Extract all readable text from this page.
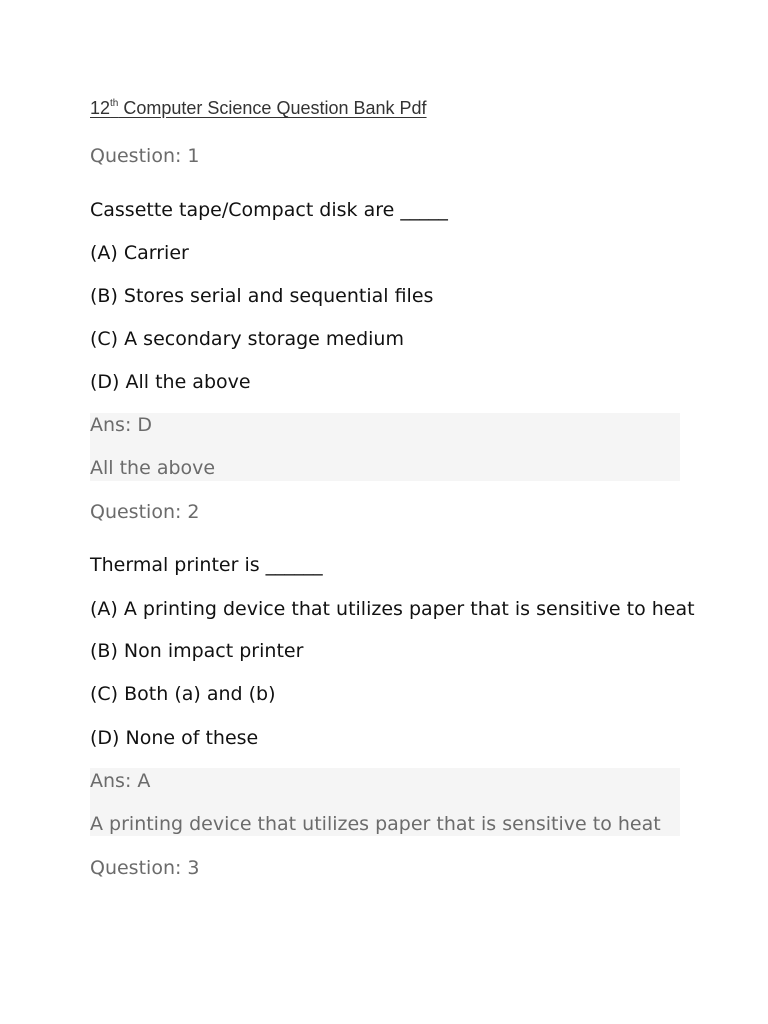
12th Computer Science Question Bank Pdf
Question: 1
Cassette tape/Compact disk are _____
(A) Carrier
(B) Stores serial and sequential files
(C) A secondary storage medium
(D) All the above
Ans: D
All the above
Question: 2
Thermal printer is ______
(A) A printing device that utilizes paper that is sensitive to heat
(B) Non impact printer
(C) Both (a) and (b)
(D) None of these
Ans: A
A printing device that utilizes paper that is sensitive to heat
Question: 3
